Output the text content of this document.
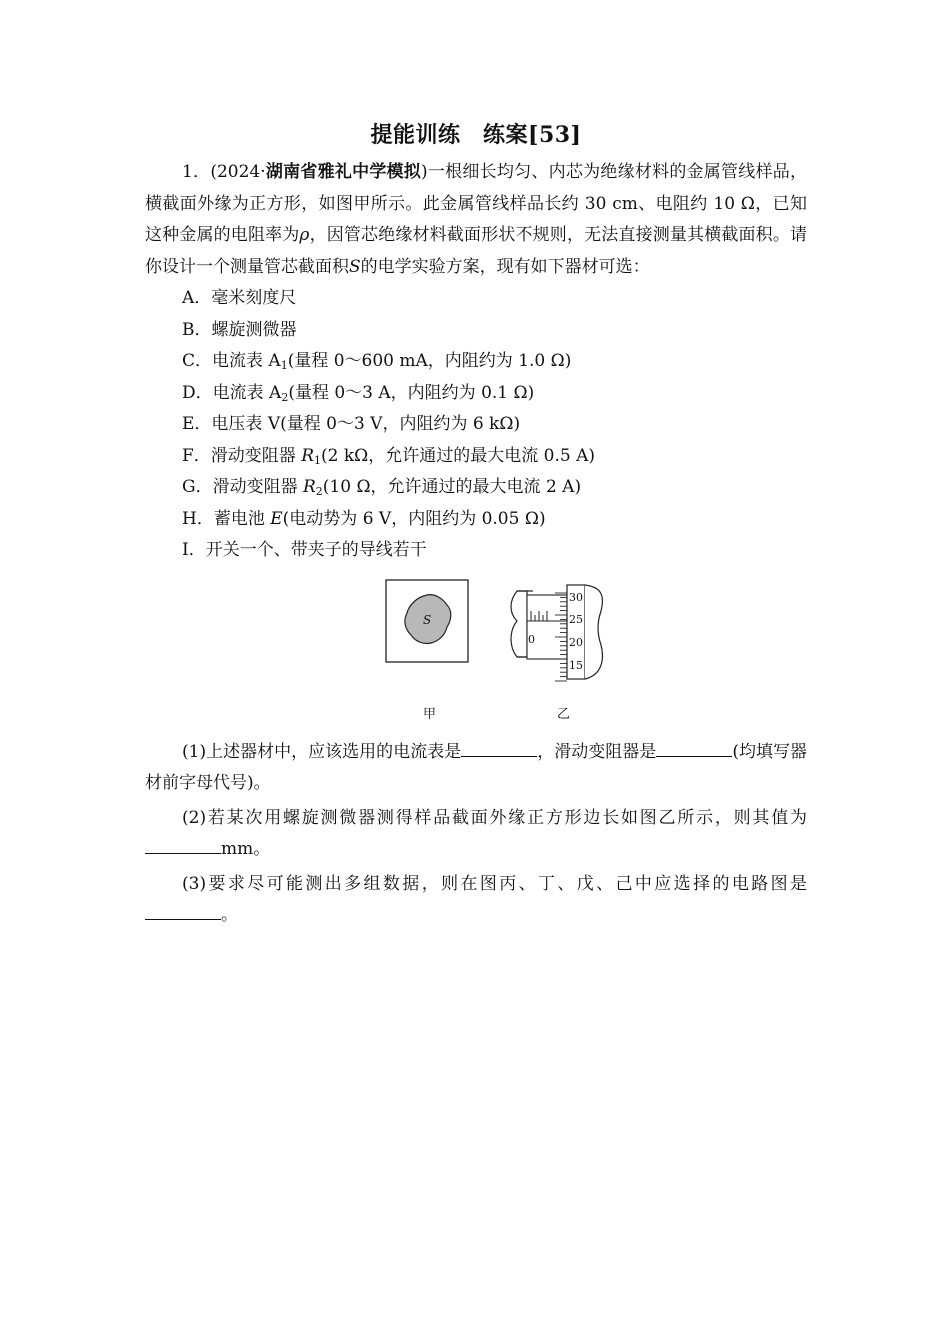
提能训练　练案[53]

1．(2024·湖南省雅礼中学模拟)一根细长均匀、内芯为绝缘材料的金属管线样品，横截面外缘为正方形，如图甲所示。此金属管线样品长约 30 cm、电阻约 10 Ω，已知这种金属的电阻率为ρ，因管芯绝缘材料截面形状不规则，无法直接测量其横截面积。请你设计一个测量管芯截面积S的电学实验方案，现有如下器材可选：

A．毫米刻度尺

B．螺旋测微器

C．电流表 $A_1$(量程 0～600 mA，内阻约为 1.0 Ω)

D．电流表 $A_2$(量程 0～3 A，内阻约为 0.1 Ω)

E．电压表 V(量程 0～3 V，内阻约为 6 kΩ)

F．滑动变阻器 $R_1(2$ kΩ，允许通过的最大电流 0.5 A)

G．滑动变阻器 $R_2(10$ Ω，允许通过的最大电流 2 A)

H．蓄电池 E(电动势为 6 V，内阻约为 0.05 Ω)

I．开关一个、带夹子的导线若干

S
甲
0
30
25
20
15
乙

(1)上述器材中，应该选用的电流表是	，滑动变阻器是	(均填写器材前字母代号)。

(2)若某次用螺旋测微器测得样品截面外缘正方形边长如图乙所示，则其值为mm。

(3)要求尽可能测出多组数据，则在图丙、丁、戊、己中应选择的电路图是。
